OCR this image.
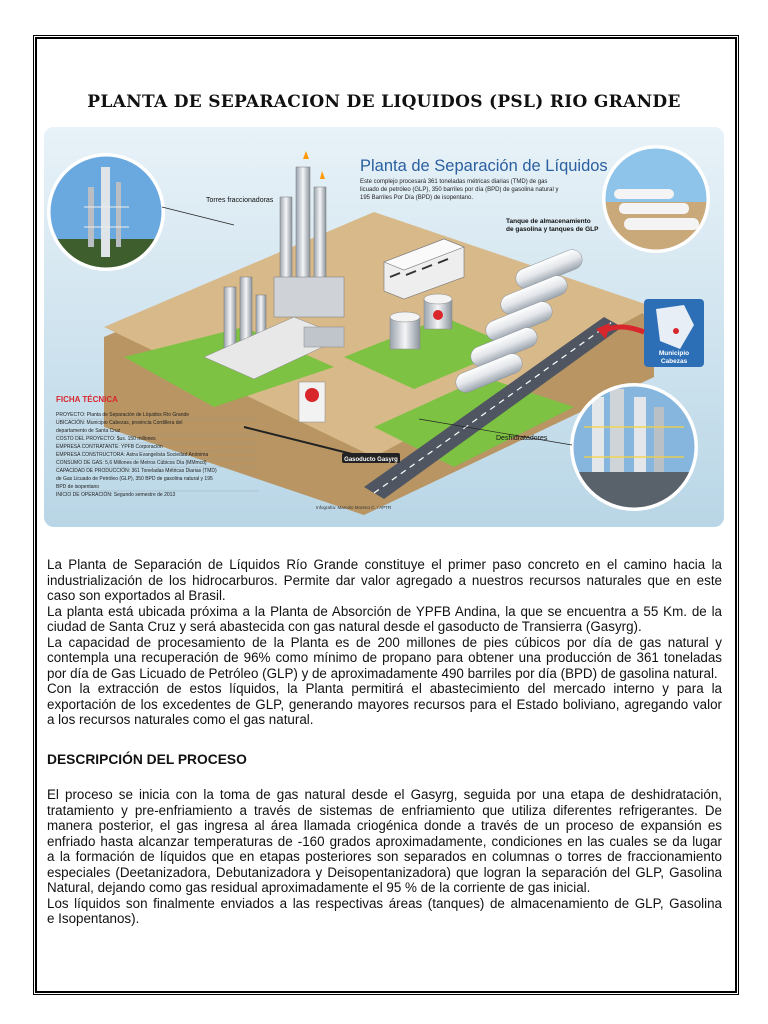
PLANTA DE SEPARACION DE LIQUIDOS (PSL) RIO GRANDE
Gasoducto Gasyrg
Municipio
Cabezas
Planta de Separación de Líquidos
Este complejo procesará 361 toneladas métricas diarias (TMD) de gas
licuado de petróleo (GLP), 350 barriles por día (BPD) de gasolina natural y
195 Barriles Por Día (BPD) de isopentano.
Torres fraccionadoras
Tanque de almacenamiento
de gasolina y tanques de GLP
Deshidratadores
FICHA TÉCNICA
PROYECTO: Planta de Separación de Líquidos Río Grande
UBICACIÓN: Municipio Cabezas, provincia Cordillera del
departamento de Santa Cruz
COSTO DEL PROYECTO: $us. 150 millones
EMPRESA CONTRATANTE: YPFB Corporación
EMPRESA CONSTRUCTORA: Astra Evangelista Sociedad Anónima
CONSUMO DE GAS: 5,6 Millones de Metros Cúbicos Día (MMmcd)
CAPACIDAD DE PRODUCCIÓN: 361 Toneladas Métricas Diarias (TMD)
de Gas Licuado de Petróleo (GLP), 350 BPD de gasolina natural y 195
BPD de isopentano
INICIO DE OPERACIÓN: Segundo semestre de 2013
Infografía: Marcelo Moreno C. / APTR
La Planta de Separación de Líquidos Río Grande constituye el primer paso concreto en el camino hacia la
industrialización de los hidrocarburos. Permite dar valor agregado a nuestros recursos naturales que en este
caso son exportados al Brasil.
La planta está ubicada próxima a la Planta de Absorción de YPFB Andina, la que se encuentra a 55 Km. de la
ciudad de Santa Cruz y será abastecida con gas natural desde el gasoducto de Transierra (Gasyrg).
La capacidad de procesamiento de la Planta es de 200 millones de pies cúbicos por día de gas natural y
contempla una recuperación de 96% como mínimo de propano para obtener una producción de 361 toneladas
por día de Gas Licuado de Petróleo (GLP) y de aproximadamente 490 barriles por día (BPD) de gasolina natural.
Con la extracción de estos líquidos, la Planta permitirá el abastecimiento del mercado interno y para la
exportación de los excedentes de GLP, generando mayores recursos para el Estado boliviano, agregando valor
a los recursos naturales como el gas natural.
DESCRIPCIÓN DEL PROCESO
El proceso se inicia con la toma de gas natural desde el Gasyrg, seguida por una etapa de deshidratación,
tratamiento y pre-enfriamiento a través de sistemas de enfriamiento que utiliza diferentes refrigerantes. De
manera posterior, el gas ingresa al área llamada criogénica donde a través de un proceso de expansión es
enfriado hasta alcanzar temperaturas de -160 grados aproximadamente, condiciones en las cuales se da lugar
a la formación de líquidos que en etapas posteriores son separados en columnas o torres de fraccionamiento
especiales (Deetanizadora, Debutanizadora y Deisopentanizadora) que logran la separación del GLP, Gasolina
Natural, dejando como gas residual aproximadamente el 95 % de la corriente de gas inicial.
Los líquidos son finalmente enviados a las respectivas áreas (tanques) de almacenamiento de GLP, Gasolina
e Isopentanos).
